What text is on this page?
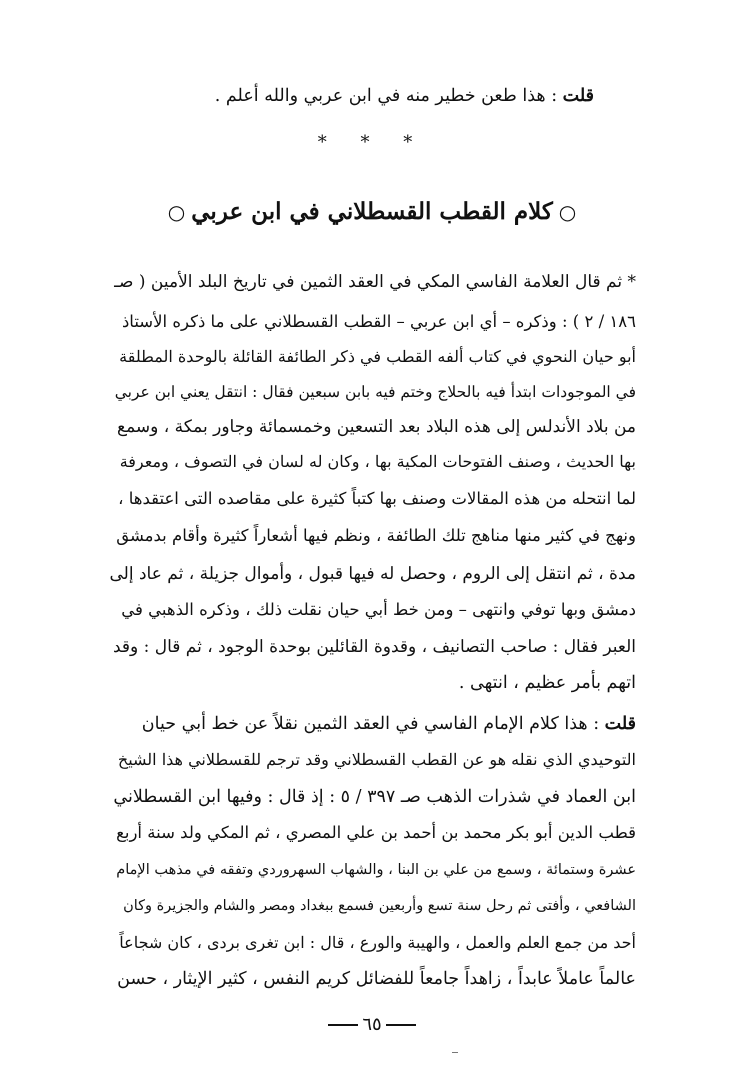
قلت : هذا طعن خطير منه في ابن عربي والله أعلم .
* * *
○كلام القطب القسطلاني في ابن عربي○
* ثم قال العلامة الفاسي المكي في العقد الثمين في تاريخ البلد الأمين ( صـ
١٨٦ / ٢ ) : وذكره – أي ابن عربي – القطب القسطلاني على ما ذكره الأستاذ
أبو حيان النحوي في كتاب ألفه القطب في ذكر الطائفة القائلة بالوحدة المطلقة
في الموجودات ابتدأ فيه بالحلاج وختم فيه بابن سبعين فقال : انتقل يعني ابن عربي
من بلاد الأندلس إلى هذه البلاد بعد التسعين وخمسمائة وجاور بمكة ، وسمع
بها الحديث ، وصنف الفتوحات المكية بها ، وكان له لسان في التصوف ، ومعرفة
لما انتحله من هذه المقالات وصنف بها كتباً كثيرة على مقاصده التى اعتقدها ،
ونهج في كثير منها مناهج تلك الطائفة ، ونظم فيها أشعاراً كثيرة وأقام بدمشق
مدة ، ثم انتقل إلى الروم ، وحصل له فيها قبول ، وأموال جزيلة ، ثم عاد إلى
دمشق وبها توفي وانتهى – ومن خط أبي حيان نقلت ذلك ، وذكره الذهبي في
العبر فقال : صاحب التصانيف ، وقدوة القائلين بوحدة الوجود ، ثم قال : وقد
اتهم بأمر عظيم ، انتهى .
قلت : هذا كلام الإمام الفاسي في العقد الثمين نقلاً عن خط أبي حيان
التوحيدي الذي نقله هو عن القطب القسطلاني وقد ترجم للقسطلاني هذا الشيخ
ابن العماد في شذرات الذهب صـ ٣٩٧ / ٥ : إذ قال : وفيها ابن القسطلاني
قطب الدين أبو بكر محمد بن أحمد بن علي المصري ، ثم المكي ولد سنة أربع
عشرة وستمائة ، وسمع من علي بن البنا ، والشهاب السهروردي وتفقه في مذهب الإمام
الشافعي ، وأفتى ثم رحل سنة تسع وأربعين فسمع ببغداد ومصر والشام والجزيرة وكان
أحد من جمع العلم والعمل ، والهيبة والورع ، قال : ابن تغرى بردى ، كان شجاعاً
عالماً عاملاً عابداً ، زاهداً جامعاً للفضائل كريم النفس ، كثير الإيثار ، حسن
٦٥
